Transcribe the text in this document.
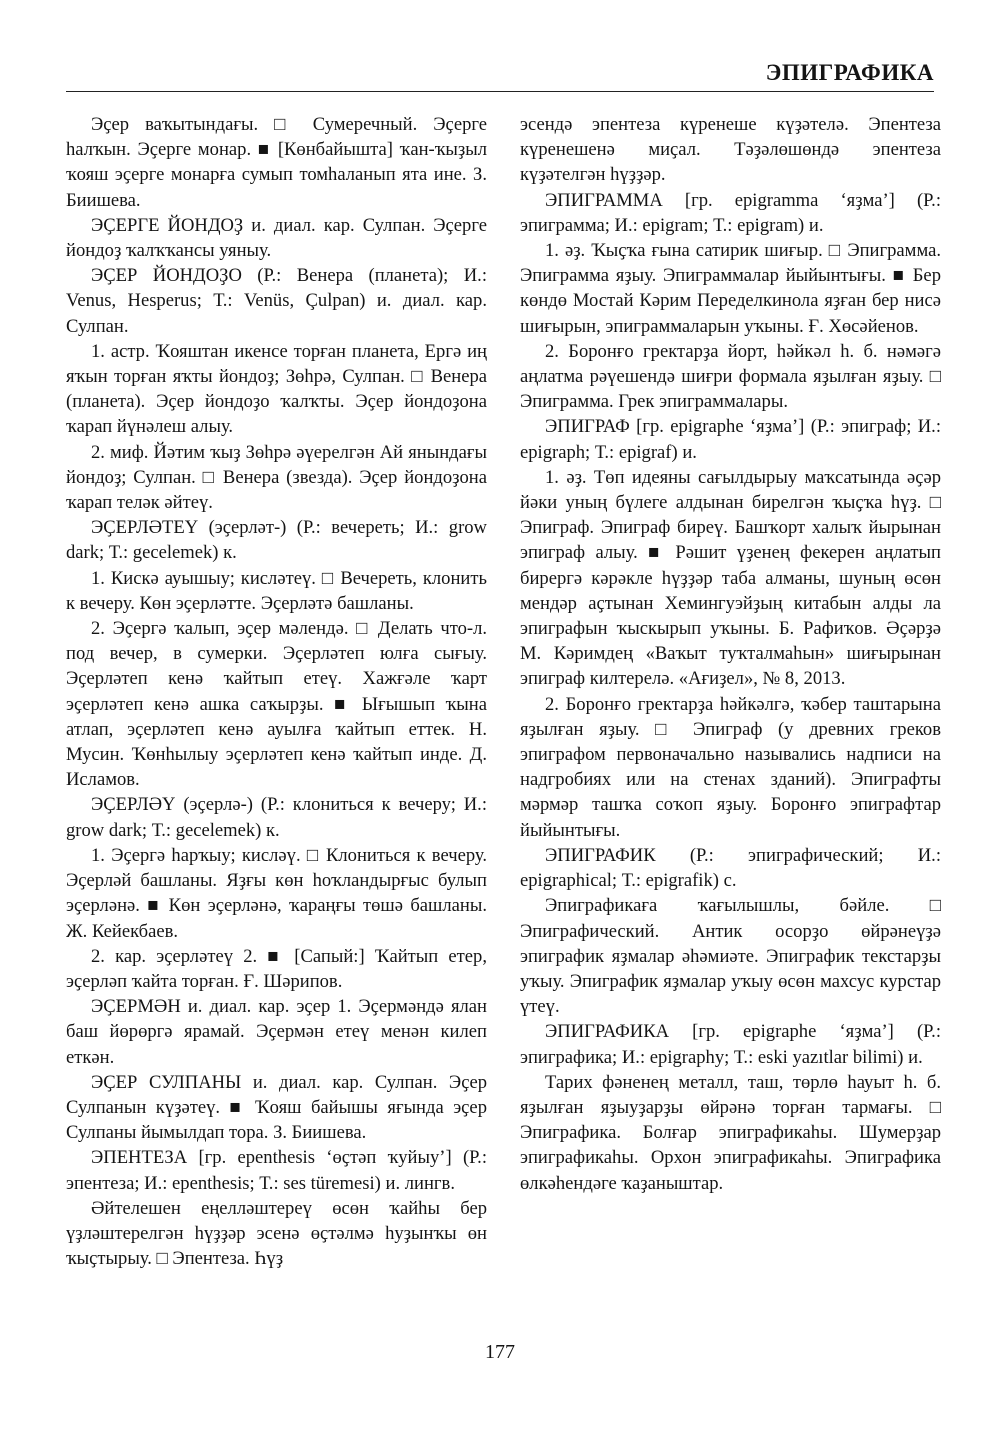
ЭПИГРАФИКА

Эҫер ваҡытындағы. □ Сумеречный. Эҫерге һалҡын. Эҫерге монар. ■ [Көнбайышта] ҡан-ҡыҙыл ҡояш эҫерге монарға сумып томһаланып ята ине. З. Биишева.

ЭҪЕРГЕ ЙОНДОҘ и. диал. кар. Сулпан. Эҫерге йондоҙ ҡалҡҡансы уяныу.

ЭҪЕР ЙОНДОҘО (Р.: Венера (планета); И.: Venus, Hesperus; Т.: Venüs, Çulpan) и. диал. кар. Сулпан.

1. астр. Ҡояштан икенсе торған планета, Ергә иң яҡын торған яҡты йондоҙ; Зөһрә, Сулпан. □ Венера (планета). Эҫер йондоҙо ҡалҡты. Эҫер йондоҙона ҡарап йүнәлеш алыу.

2. миф. Йәтим ҡыҙ Зөһрә әүерелгән Ай янындағы йондоҙ; Сулпан. □ Венера (звезда). Эҫер йондоҙона ҡарап теләк әйтеү.

ЭҪЕРЛӘТЕҮ (эҫерләт-) (Р.: вечереть; И.: grow dark; Т.: gecelemek) к.

1. Кискә ауышыу; кисләтеү. □ Вечереть, клонить к вечеру. Көн эҫерләтте. Эҫерләтә башланы.

2. Эҫергә ҡалып, эҫер мәлендә. □ Делать что-л. под вечер, в сумерки. Эҫерләтеп юлға сығыу. Эҫерләтеп кенә ҡайтып етеү. Хажғәле ҡарт эҫерләтеп кенә ашка саҡырҙы. ■ Ығышып ҡына атлап, эҫерләтеп кенә ауылға ҡайтып еттек. Н. Мусин. Ҡөнһылыу эҫерләтеп кенә ҡайтып инде. Д. Исламов.

ЭҪЕРЛӘҮ (эҫерлә-) (Р.: клониться к вечеру; И.: grow dark; Т.: gecelemek) к.

1. Эҫергә һарҡыу; кисләү. □ Клониться к вечеру. Эҫерләй башланы. Яҙғы көн һоҡландырғыс булып эҫерләнә. ■ Көн эҫерләнә, ҡараңғы төшә башланы. Ж. Кейекбаев.

2. кар. эҫерләтеү 2. ■ [Сапый:] Ҡайтып етер, эҫерләп ҡайта торған. Ғ. Шәрипов.

ЭҪЕРМӘН и. диал. кар. эҫер 1. Эҫермәндә ялан баш йөрөргә ярамай. Эҫермән етеү менән килеп еткән.

ЭҪЕР СУЛПАНЫ и. диал. кар. Сулпан. Эҫер Сулпанын күҙәтеү. ■ Ҡояш байышы яғында эҫер Сулпаны йымылдап тора. З. Биишева.

ЭПЕНТЕЗА [гр. epenthesis ‘өҫтәп ҡуйыу’] (Р.: эпентеза; И.: epenthesis; Т.: ses türemesi) и. лингв.

Әйтелешен еңелләштереү өсөн ҡайһы бер үҙләштерелгән һүҙҙәр эсенә өҫтәлмә һуҙынҡы өн ҡыҫтырыу. □ Эпентеза. Һүҙ

эсендә эпентеза күренеше күҙәтелә. Эпентеза күренешенә миҫал. Тәҙәлөшөндә эпентеза күҙәтелгән һүҙҙәр.

ЭПИГРАММА [гр. epigramma ‘яҙма’] (Р.: эпиграмма; И.: epigram; Т.: epigram) и.

1. әҙ. Ҡыҫҡа ғына сатирик шиғыр. □ Эпиграмма. Эпиграмма яҙыу. Эпиграммалар йыйынтығы. ■ Бер көндө Мостай Кәрим Переделкинола яҙған бер нисә шиғырын, эпиграммаларын уҡыны. Ғ. Хөсәйенов.

2. Боронғо гректарҙа йорт, һәйкәл һ. б. нәмәгә аңлатма рәүешендә шиғри формала яҙылған яҙыу. □ Эпиграмма. Грек эпиграммалары.

ЭПИГРАФ [гр. epigraphe ‘яҙма’] (Р.: эпиграф; И.: epigraph; Т.: epigraf) и.

1. әҙ. Төп идеяны сағылдырыу маҡсатында әҫәр йәки уның бүлеге алдынан бирелгән ҡыҫҡа һүҙ. □ Эпиграф. Эпиграф биреү. Башҡорт халыҡ йырынан эпиграф алыу. ■ Рәшит үҙенең фекерен аңлатып бирергә кәрәкле һүҙҙәр таба алманы, шуның өсөн мендәр аҫтынан Хемингуэйҙың китабын алды ла эпиграфын ҡыскырып уҡыны. Б. Рафиҡов. Әҫәрҙә М. Кәримдең «Ваҡыт туҡталмаһын» шиғырынан эпиграф килтерелә. «Ағиҙел», № 8, 2013.

2. Боронғо гректарҙа һәйкәлгә, ҡәбер таштарына яҙылған яҙыу. □ Эпиграф (у древних греков эпиграфом первоначально назывались надписи на надгробиях или на стенах зданий). Эпиграфты мәрмәр ташҡа соҡоп яҙыу. Боронғо эпиграфтар йыйынтығы.

ЭПИГРАФИК (Р.: эпиграфический; И.: epigraphical; Т.: epigrafik) с.

Эпиграфикаға ҡағылышлы, бәйле. □ Эпиграфический. Антик осорҙо өйрәнеүҙә эпиграфик яҙмалар әһәмиәте. Эпиграфик текстарҙы уҡыу. Эпиграфик яҙмалар уҡыу өсөн махсус курстар үтеү.

ЭПИГРАФИКА [гр. epigraphe ‘яҙма’] (Р.: эпиграфика; И.: epigraphy; Т.: eski yazıtlar bilimi) и.

Тарих фәненең металл, таш, төрлө һауыт һ. б. яҙылған яҙыуҙарҙы өйрәнә торған тармағы. □ Эпиграфика. Болғар эпиграфикаһы. Шумерҙар эпиграфикаһы. Орхон эпиграфикаһы. Эпиграфика өлкәһендәге ҡаҙаныштар.

177
